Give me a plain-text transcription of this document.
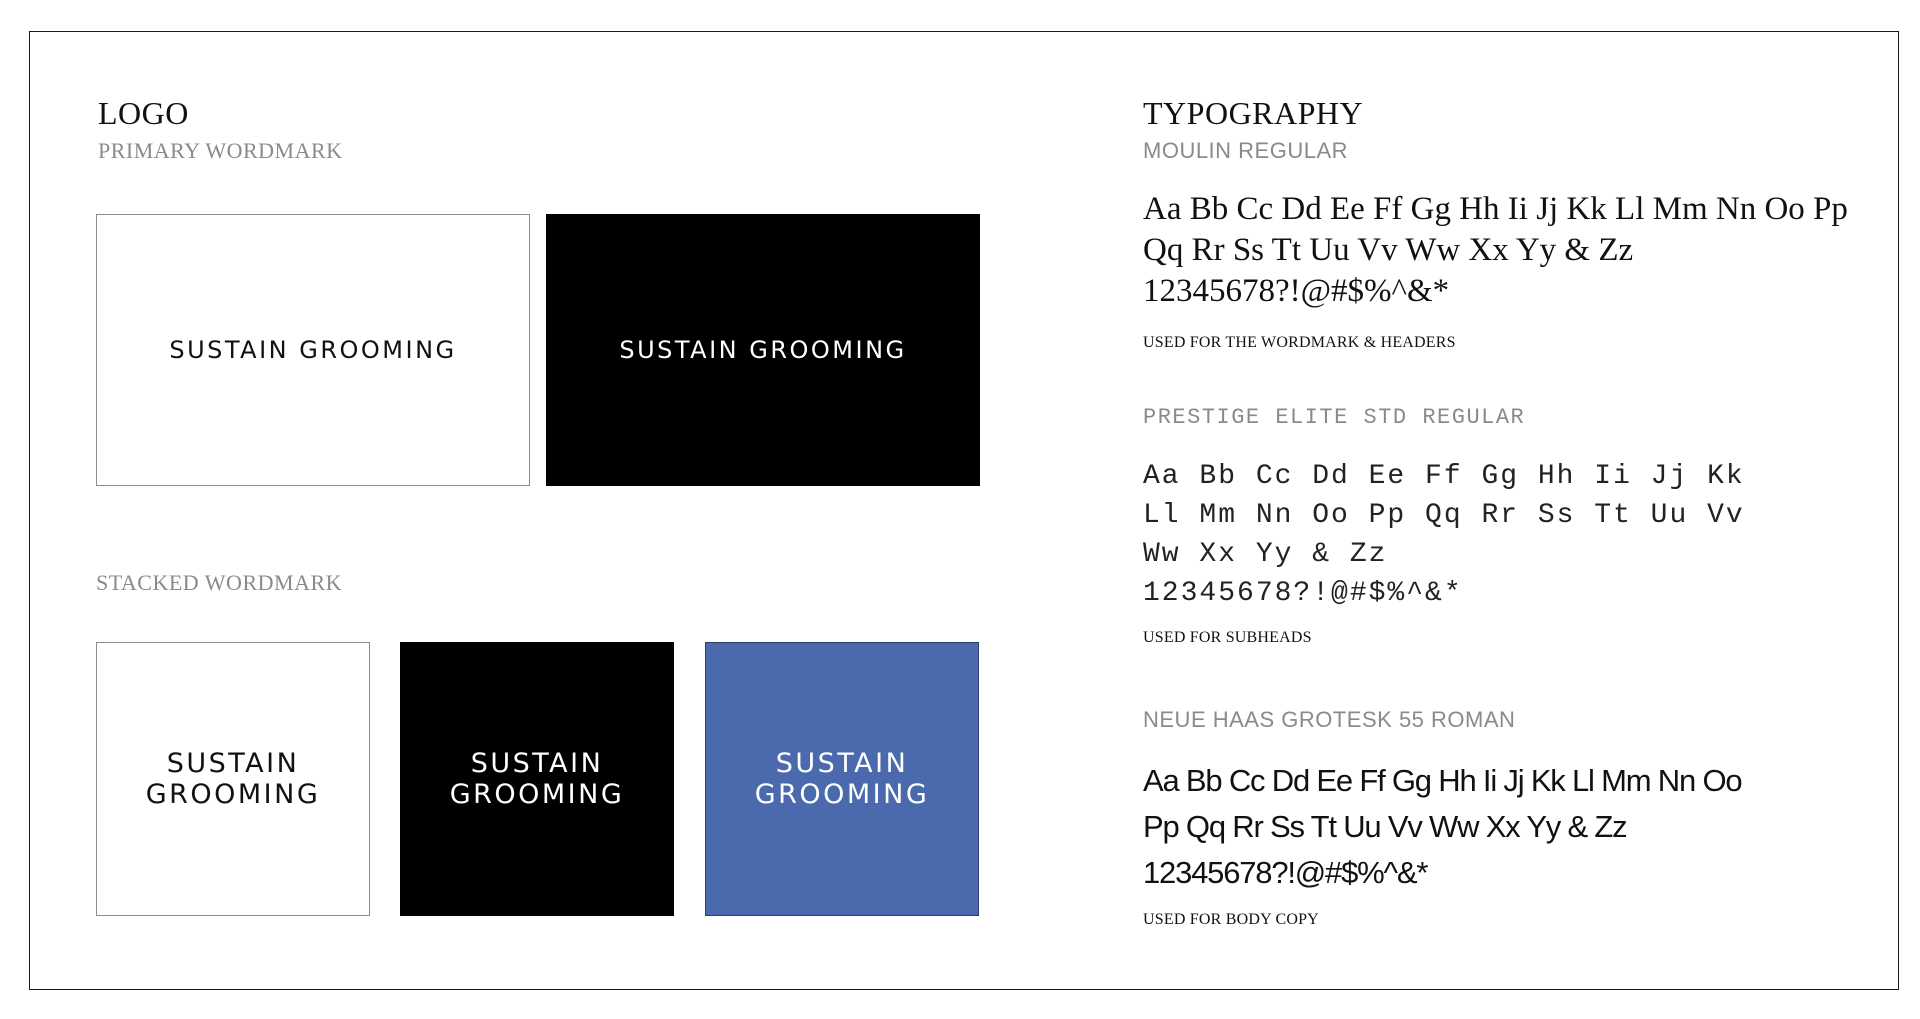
LOGO
PRIMARY WORDMARK
SUSTAIN GROOMING	SUSTAIN GROOMING
STACKED WORDMARK
SUSTAIN
GROOMING
SUSTAIN
GROOMING
SUSTAIN
GROOMING
TYPOGRAPHY
MOULIN REGULAR
Aa Bb Cc Dd Ee Ff Gg Hh Ii Jj Kk Ll Mm Nn Oo Pp
Qq Rr Ss Tt Uu Vv Ww Xx Yy & Zz
12345678?!@#$%^&*
USED FOR THE WORDMARK & HEADERS
PRESTIGE ELITE STD REGULAR
Aa Bb Cc Dd Ee Ff Gg Hh Ii Jj Kk
Ll Mm Nn Oo Pp Qq Rr Ss Tt Uu Vv
Ww Xx Yy & Zz
12345678?!@#$%^&*
USED FOR SUBHEADS
NEUE HAAS GROTESK 55 ROMAN
Aa Bb Cc Dd Ee Ff Gg Hh Ii Jj Kk Ll Mm Nn Oo
Pp Qq Rr Ss Tt Uu Vv Ww Xx Yy & Zz
12345678?!@#$%^&*
USED FOR BODY COPY
